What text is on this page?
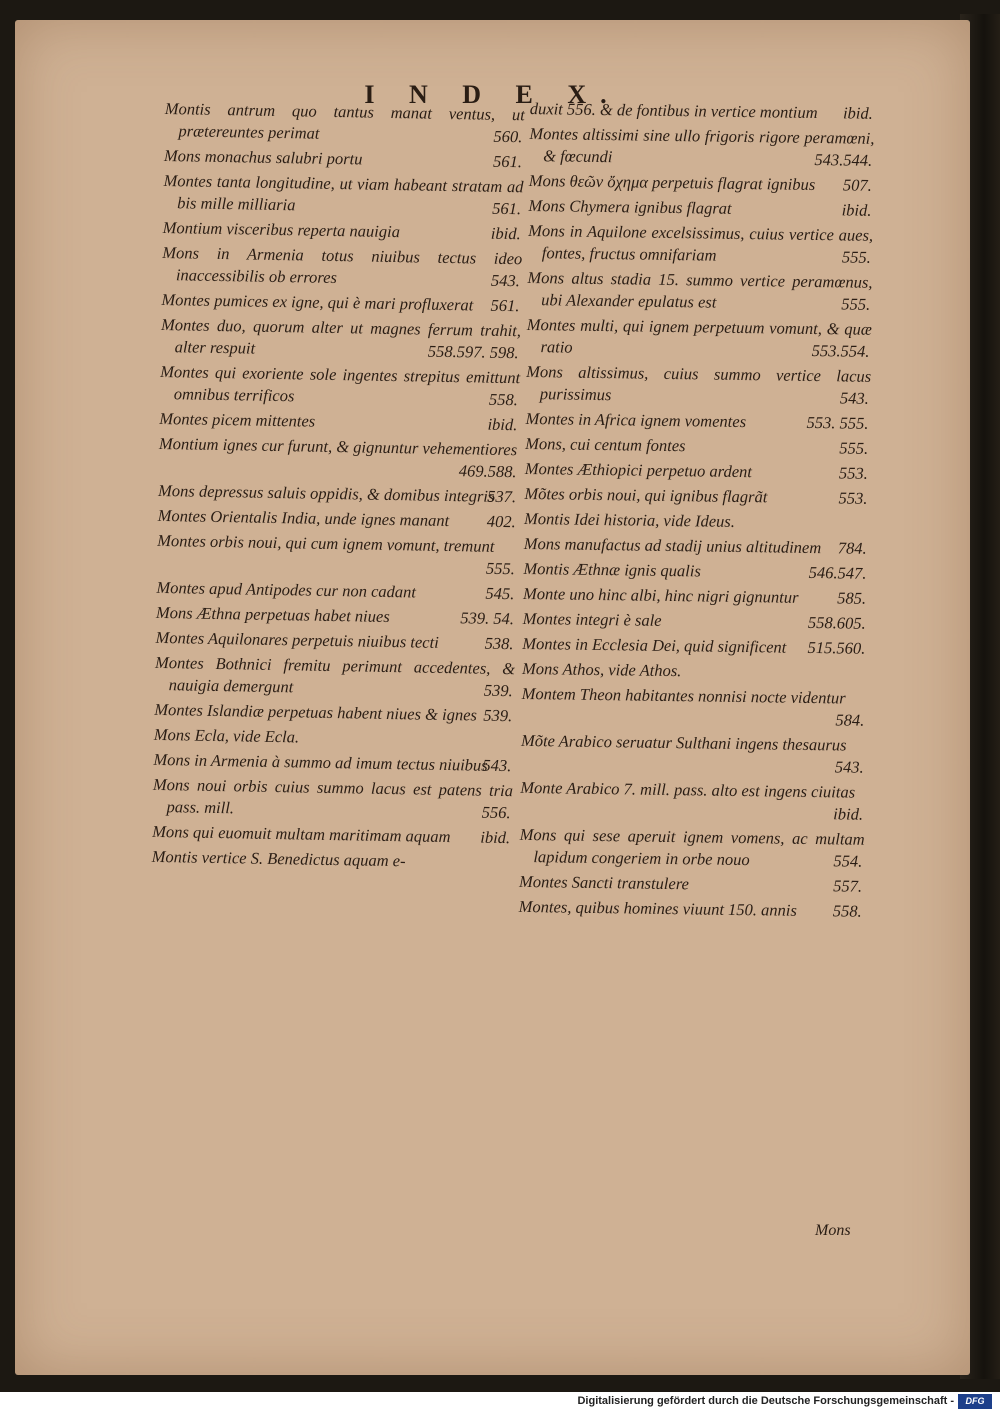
I N D E X.
Montis antrum quo tantus manat ventus, ut prætereuntes perimat	560.
Mons monachus salubri portu	561.
Montes tanta longitudine, ut viam habeant stratam ad bis mille milliaria	561.
Montium visceribus reperta nauigia	ibid.
Mons in Armenia totus niuibus tectus ideo inaccessibilis ob errores	543.
Montes pumices ex igne, qui è mari profluxerat 561.
Montes duo, quorum alter ut magnes ferrum trahit, alter respuit	558.597. 598.
Montes qui exoriente sole ingentes strepitus emittunt omnibus terrificos	558.
Montes picem mittentes	ibid.
Montium ignes cur furunt, & gignuntur vehementiores
469.588.
Mons depressus saluis oppidis, & domibus integris
537.
Montes Orientalis India, unde ignes manant 402.
Montes orbis noui, qui cum ignem vomunt, tremunt
555.
Montes apud Antipodes cur non cadant	545.
Mons Æthna perpetuas habet niues	539. 54.
Montes Aquilonares perpetuis niuibus tecti	538.
Montes Bothnici fremitu perimunt accedentes, & nauigia demergunt	539.
Montes Islandiæ perpetuas habent niues & ignes 539.
Mons Ecla, vide Ecla.
Mons in Armenia à summo ad imum tectus niuibus
543.
Mons noui orbis cuius summo lacus est patens tria pass. mill.	556.
Mons qui euomuit multam maritimam aquam ibid.
Montis vertice S. Benedictus aquam e-
duxit 556. & de fontibus in vertice montium ibid.
Montes altissimi sine ullo frigoris rigore peramœni, & fœcundi	543.544.
Mons θεῶν ὄχημα perpetuis flagrat ignibus 507.
Mons Chymera ignibus flagrat	ibid.
Mons in Aquilone excelsissimus, cuius vertice aues, fontes, fructus omnifariam	555.
Mons altus stadia 15. summo vertice peramœnus, ubi Alexander epulatus est	555.
Montes multi, qui ignem perpetuum vomunt, & quæ ratio	553.554.
Mons altissimus, cuius summo vertice lacus purissimus	543.
Montes in Africa ignem vomentes	553. 555.
Mons, cui centum fontes	555.
Montes Æthiopici perpetuo ardent	553.
Mõtes orbis noui, qui ignibus flagrãt	553.
Montis Idei historia, vide Ideus.
Mons manufactus ad stadij unius altitudinem 784.
Montis Æthnæ ignis qualis	546.547.
Monte uno hinc albi, hinc nigri gignuntur 585.
Montes integri è sale	558.605.
Montes in Ecclesia Dei, quid significent 515.560.
Mons Athos, vide Athos.
Montem Theon habitantes nonnisi nocte videntur
584.
Mõte Arabico seruatur Sulthani ingens thesaurus
543.
Monte Arabico 7. mill. pass. alto est ingens ciuitas
ibid.
Mons qui sese aperuit ignem vomens, ac multam lapidum congeriem in orbe nouo	554.
Montes Sancti transtulere	557.
Montes, quibus homines viuunt 150. annis 558.
Mons
Digitalisierung gefördert durch die Deutsche Forschungsgemeinschaft -	DFG
